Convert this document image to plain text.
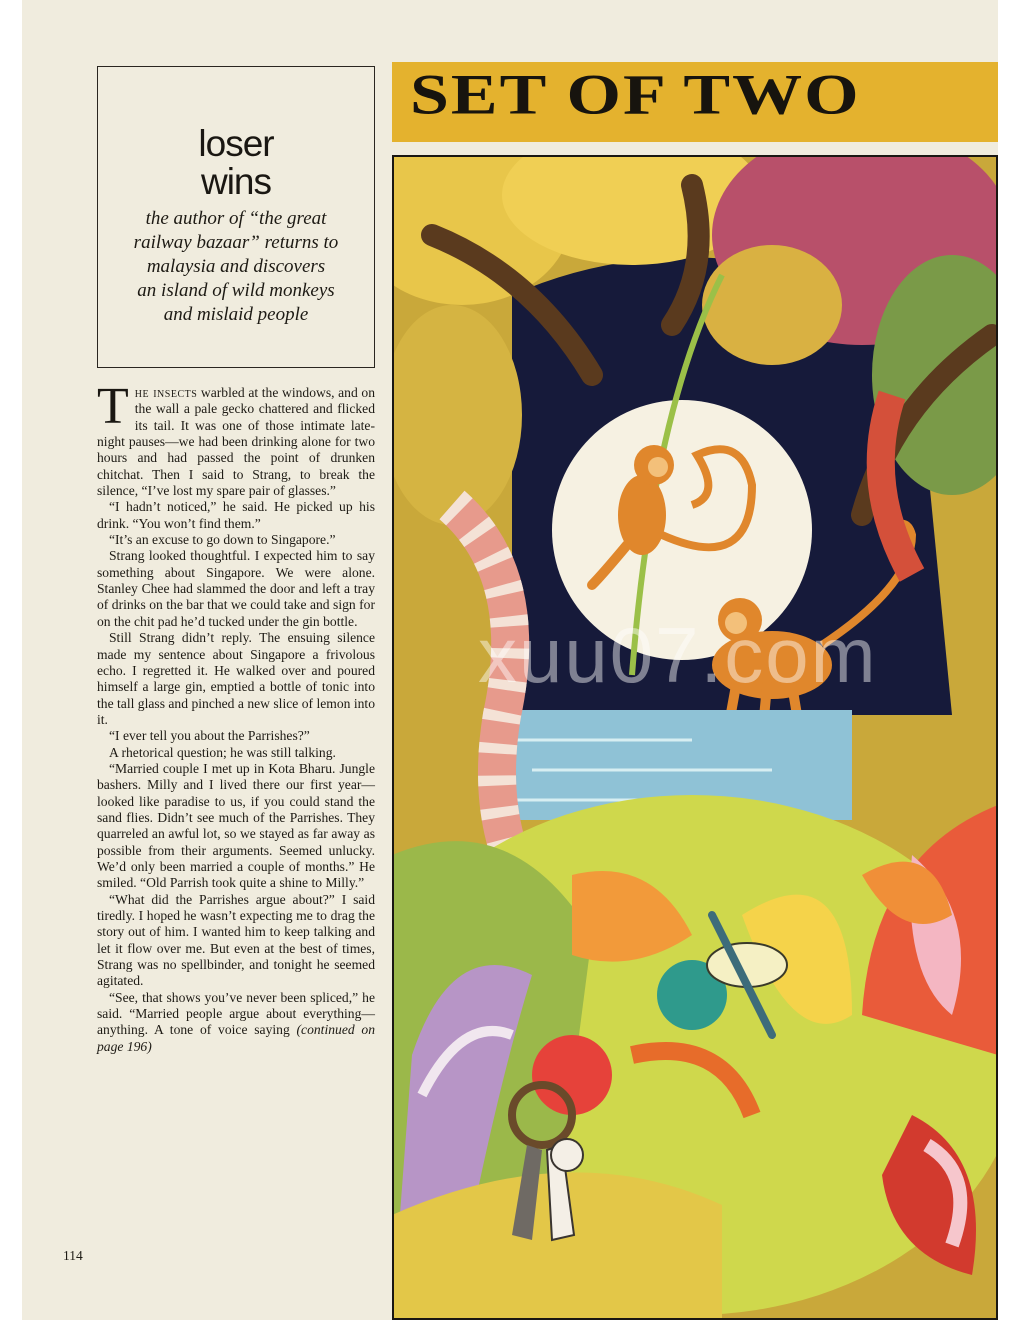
loser
wins
the author of “the great
railway bazaar” returns to
malaysia and discovers
an island of wild monkeys
and mislaid people

The insects warbled at the windows, and on the wall a pale gecko chattered and flicked its tail. It was one of those intimate late-night pauses—we had been drinking alone for two hours and had passed the point of drunken chitchat. Then I said to Strang, to break the silence, “I’ve lost my spare pair of glasses.”

“I hadn’t noticed,” he said. He picked up his drink. “You won’t find them.”

“It’s an excuse to go down to Singapore.”

Strang looked thoughtful. I expected him to say something about Singapore. We were alone. Stanley Chee had slammed the door and left a tray of drinks on the bar that we could take and sign for on the chit pad he’d tucked under the gin bottle.

Still Strang didn’t reply. The ensuing silence made my sentence about Singapore a frivolous echo. I regretted it. He walked over and poured himself a large gin, emptied a bottle of tonic into the tall glass and pinched a new slice of lemon into it.

“I ever tell you about the Parrishes?”

A rhetorical question; he was still talking.

“Married couple I met up in Kota Bharu. Jungle bashers. Milly and I lived there our first year—looked like paradise to us, if you could stand the sand flies. Didn’t see much of the Parrishes. They quarreled an awful lot, so we stayed as far away as possible from their arguments. Seemed unlucky. We’d only been married a couple of months.” He smiled. “Old Parrish took quite a shine to Milly.”

“What did the Parrishes argue about?” I said tiredly. I hoped he wasn’t expecting me to drag the story out of him. I wanted him to keep talking and let it flow over me. But even at the best of times, Strang was no spellbinder, and tonight he seemed agitated.

“See, that shows you’ve never been spliced,” he said. “Married people argue about everything—anything. A tone of voice saying (continued on page 196)

114
SET OF TWO
xuu07.com
